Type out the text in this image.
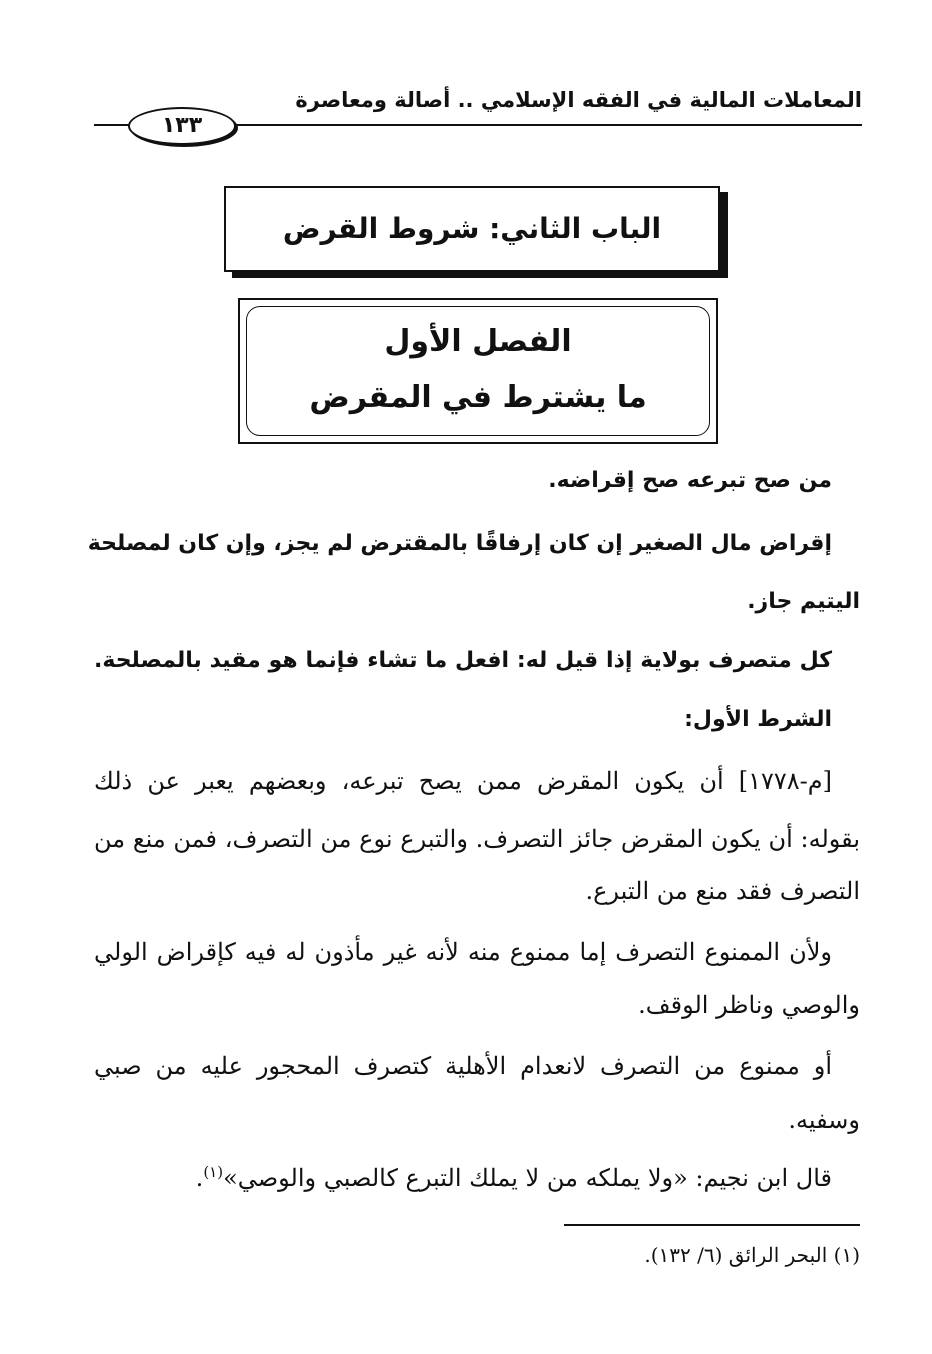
المعاملات المالية في الفقه الإسلامي .. أصالة ومعاصرة
١٣٣
الباب الثاني: شروط القرض
الفصل الأول
ما يشترط في المقرض
من صح تبرعه صح إقراضه.
إقراض مال الصغير إن كان إرفاقًا بالمقترض لم يجز، وإن كان لمصلحة
اليتيم جاز.
كل متصرف بولاية إذا قيل له: افعل ما تشاء فإنما هو مقيد بالمصلحة.
الشرط الأول:
[م-١٧٧٨] أن يكون المقرض ممن يصح تبرعه، وبعضهم يعبر عن ذلك
بقوله: أن يكون المقرض جائز التصرف. والتبرع نوع من التصرف، فمن منع من
التصرف فقد منع من التبرع.
ولأن الممنوع التصرف إما ممنوع منه لأنه غير مأذون له فيه كإقراض الولي
والوصي وناظر الوقف.
أو ممنوع من التصرف لانعدام الأهلية كتصرف المحجور عليه من صبي
وسفيه.
قال ابن نجيم: «ولا يملكه من لا يملك التبرع كالصبي والوصي»$^{(١)}$.
(١) البحر الرائق (٦/ ١٣٢).
